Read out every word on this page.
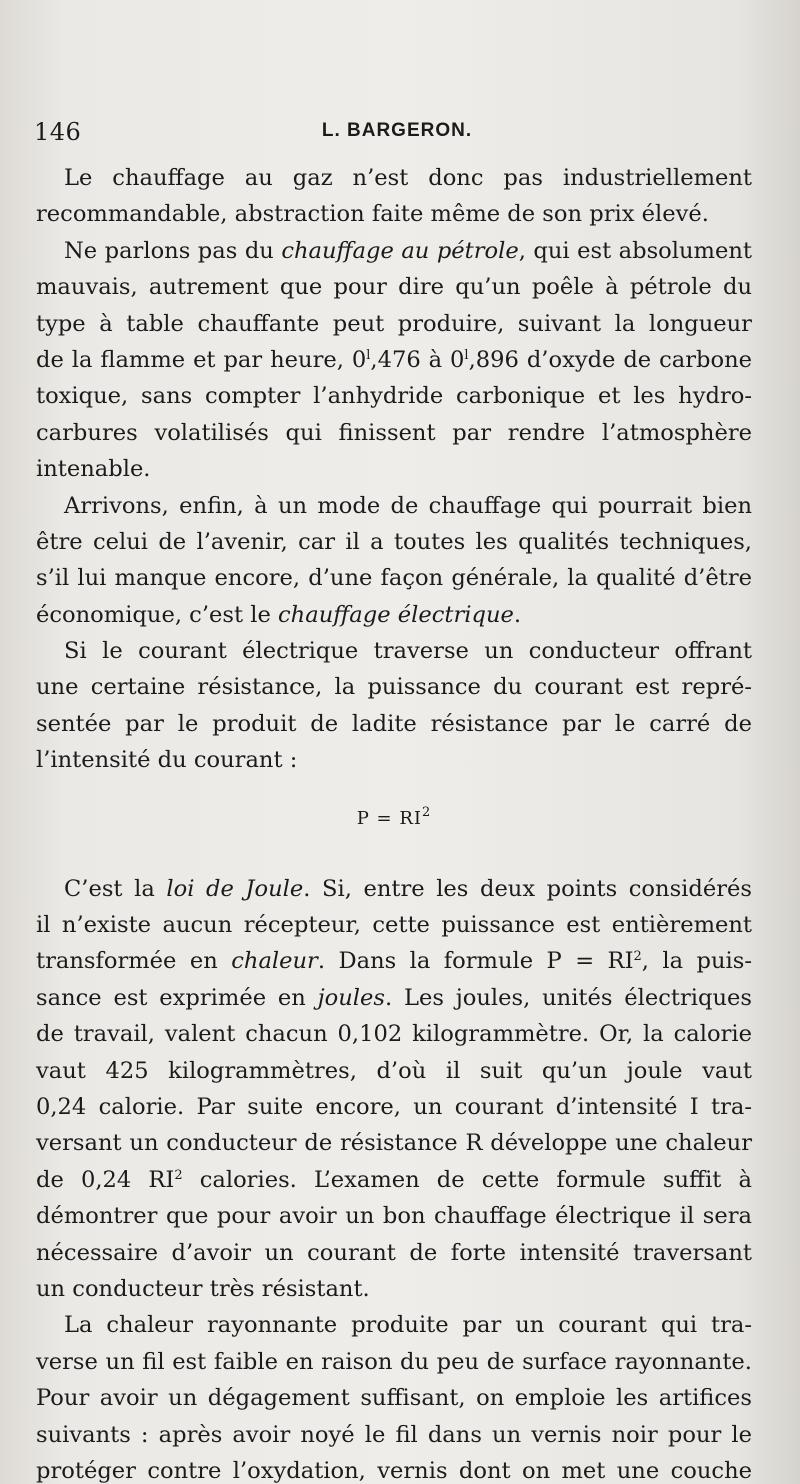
146	L. BARGERON.
Le chauffage au gaz n’est donc pas industriellement
recommandable, abstraction faite même de son prix élevé.
Ne parlons pas du chauffage au pétrole, qui est absolument
mauvais, autrement que pour dire qu’un poêle à pétrole du
type à table chauffante peut produire, suivant la longueur
de la flamme et par heure, 0$^l$,476 à 0$^l$,896 d’oxyde de carbone
toxique, sans compter l’anhydride carbonique et les hydro-
carbures volatilisés qui finissent par rendre l’atmosphère
intenable.
Arrivons, enfin, à un mode de chauffage qui pourrait bien
être celui de l’avenir, car il a toutes les qualités techniques,
s’il lui manque encore, d’une façon générale, la qualité d’être
économique, c’est le chauffage électrique.
Si le courant électrique traverse un conducteur offrant
une certaine résistance, la puissance du courant est repré-
sentée par le produit de ladite résistance par le carré de
l’intensité du courant :
$P = RI^2$
C’est la loi de Joule. Si, entre les deux points considérés
il n’existe aucun récepteur, cette puissance est entièrement
transformée en chaleur. Dans la formule $P = RI^2$, la puis-
sance est exprimée en joules. Les joules, unités électriques
de travail, valent chacun 0,102 kilogrammètre. Or, la calorie
vaut 425 kilogrammètres, d’où il suit qu’un joule vaut
0,24 calorie. Par suite encore, un courant d’intensité I tra-
versant un conducteur de résistance R développe une chaleur
de 0,24 $RI^2$ calories. L’examen de cette formule suffit à
démontrer que pour avoir un bon chauffage électrique il sera
nécessaire d’avoir un courant de forte intensité traversant
un conducteur très résistant.
La chaleur rayonnante produite par un courant qui tra-
verse un fil est faible en raison du peu de surface rayonnante.
Pour avoir un dégagement suffisant, on emploie les artifices
suivants : après avoir noyé le fil dans un vernis noir pour le
protéger contre l’oxydation, vernis dont on met une couche
